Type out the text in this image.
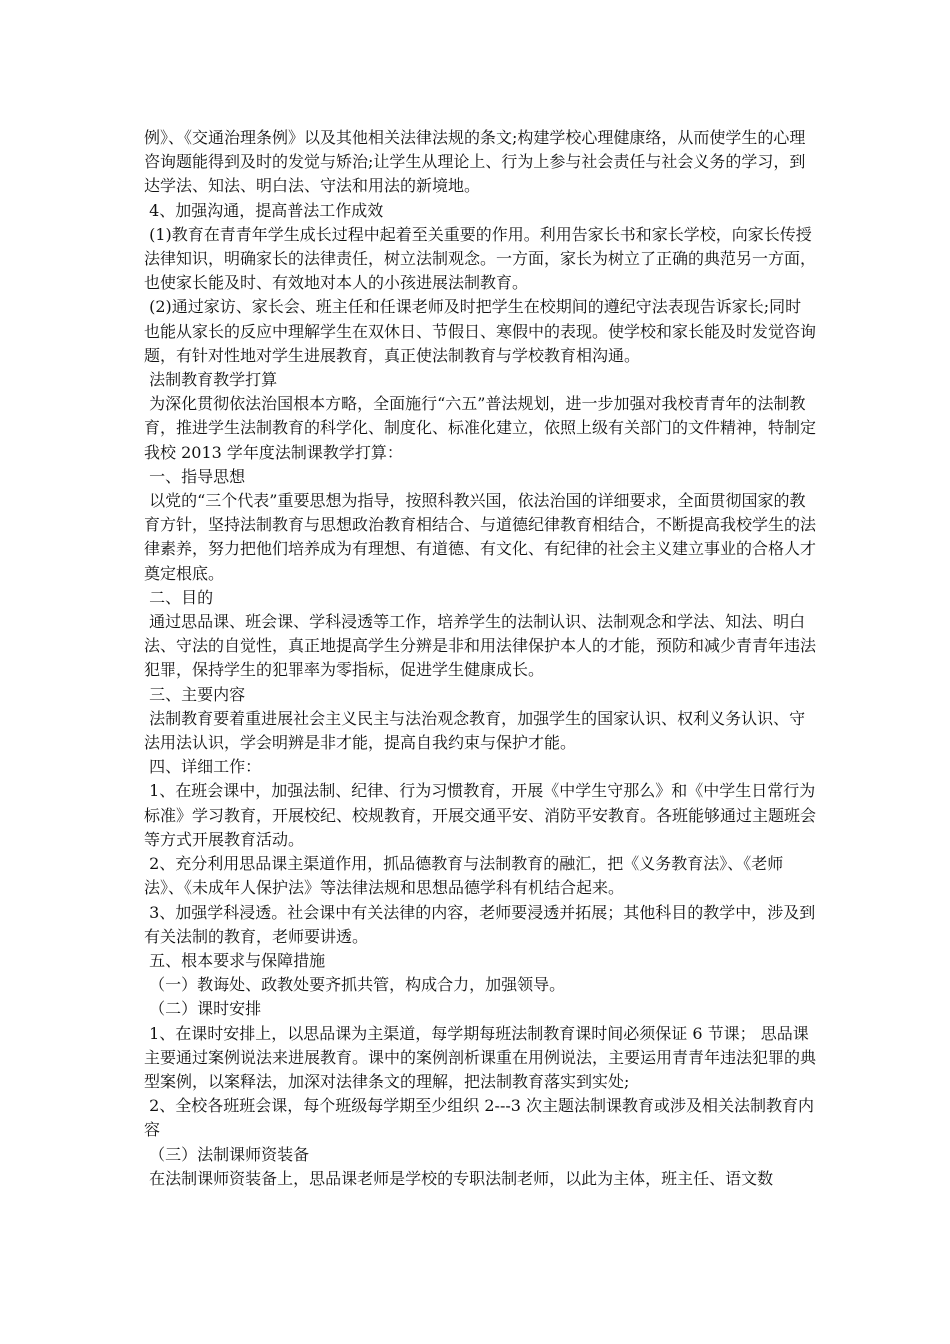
例》、《交通治理条例》以及其他相关法律法规的条文;构建学校心理健康络，从而使学生的心理咨询题能得到及时的发觉与矫治;让学生从理论上、行为上参与社会责任与社会义务的学习，到达学法、知法、明白法、守法和用法的新境地。

4、加强沟通，提高普法工作成效

(1)教育在青青年学生成长过程中起着至关重要的作用。利用告家长书和家长学校，向家长传授法律知识，明确家长的法律责任，树立法制观念。一方面，家长为树立了正确的典范另一方面，也使家长能及时、有效地对本人的小孩进展法制教育。

(2)通过家访、家长会、班主任和任课老师及时把学生在校期间的遵纪守法表现告诉家长;同时也能从家长的反应中理解学生在双休日、节假日、寒假中的表现。使学校和家长能及时发觉咨询题，有针对性地对学生进展教育，真正使法制教育与学校教育相沟通。

法制教育教学打算

为深化贯彻依法治国根本方略，全面施行“六五”普法规划，进一步加强对我校青青年的法制教育，推进学生法制教育的科学化、制度化、标准化建立，依照上级有关部门的文件精神，特制定我校 2013 学年度法制课教学打算：

一、指导思想

以党的“三个代表”重要思想为指导，按照科教兴国，依法治国的详细要求，全面贯彻国家的教育方针，坚持法制教育与思想政治教育相结合、与道德纪律教育相结合，不断提高我校学生的法律素养，努力把他们培养成为有理想、有道德、有文化、有纪律的社会主义建立事业的合格人才奠定根底。

二、目的

通过思品课、班会课、学科浸透等工作，培养学生的法制认识、法制观念和学法、知法、明白法、守法的自觉性，真正地提高学生分辨是非和用法律保护本人的才能，预防和减少青青年违法犯罪，保持学生的犯罪率为零指标，促进学生健康成长。

三、主要内容

法制教育要着重进展社会主义民主与法治观念教育，加强学生的国家认识、权利义务认识、守法用法认识，学会明辨是非才能，提高自我约束与保护才能。

四、详细工作：

1、在班会课中，加强法制、纪律、行为习惯教育，开展《中学生守那么》和《中学生日常行为标准》学习教育，开展校纪、校规教育，开展交通平安、消防平安教育。各班能够通过主题班会等方式开展教育活动。

2、充分利用思品课主渠道作用，抓品德教育与法制教育的融汇，把《义务教育法》、《老师法》、《未成年人保护法》等法律法规和思想品德学科有机结合起来。

3、加强学科浸透。社会课中有关法律的内容，老师要浸透并拓展；其他科目的教学中，涉及到有关法制的教育，老师要讲透。

五、根本要求与保障措施

（一）教诲处、政教处要齐抓共管，构成合力，加强领导。

（二）课时安排

1、在课时安排上，以思品课为主渠道，每学期每班法制教育课时间必须保证 6 节课； 思品课主要通过案例说法来进展教育。课中的案例剖析课重在用例说法，主要运用青青年违法犯罪的典型案例，以案释法，加深对法律条文的理解，把法制教育落实到实处;

2、全校各班班会课，每个班级每学期至少组织 2---3 次主题法制课教育或涉及相关法制教育内容

（三）法制课师资装备

在法制课师资装备上，思品课老师是学校的专职法制老师，以此为主体，班主任、语文数
